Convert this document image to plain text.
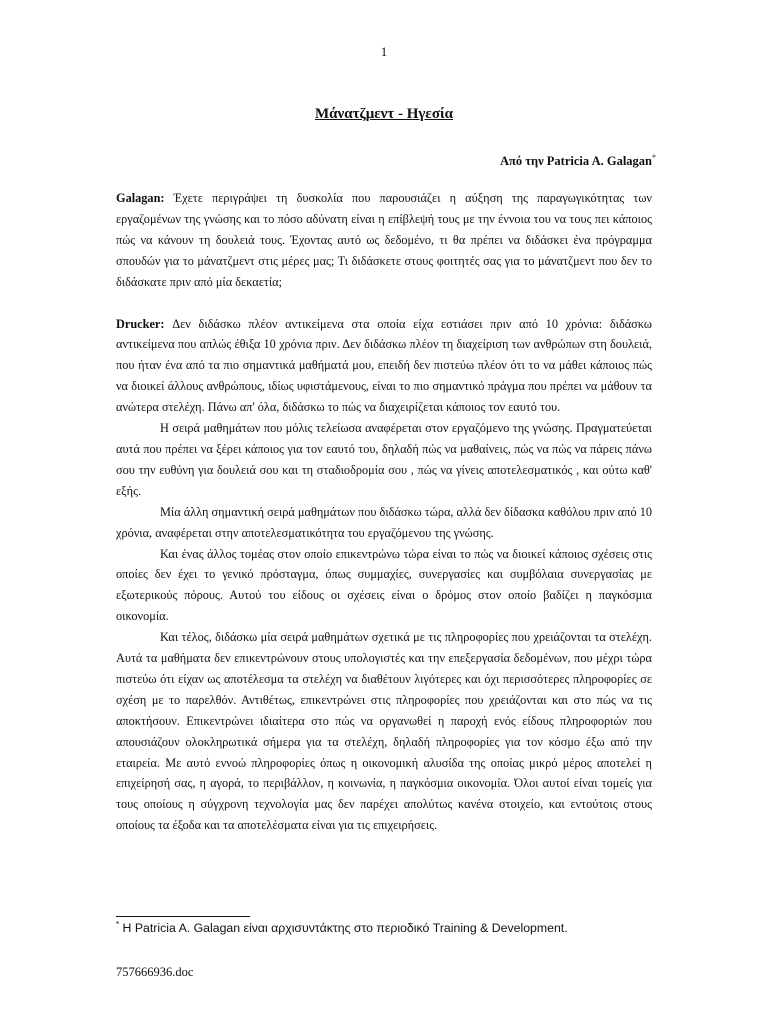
1
Μάνατζμεντ - Ηγεσία
Από την Patricia A. Galagan*

Galagan: Έχετε περιγράψει τη δυσκολία που παρουσιάζει η αύξηση της παραγωγικότητας των εργαζομένων της γνώσης και το πόσο αδύνατη είναι η επίβλεψή τους με την έννοια του να τους πει κάποιος πώς να κάνουν τη δουλειά τους. Έχοντας αυτό ως δεδομένο, τι θα πρέπει να διδάσκει ένα πρόγραμμα σπουδών για το μάνατζμεντ στις μέρες μας; Τι διδάσκετε στους φοιτητές σας για το μάνατζμεντ που δεν το διδάσκατε πριν από μία δεκαετία;

Drucker: Δεν διδάσκω πλέον αντικείμενα στα οποία είχα εστιάσει πριν από 10 χρόνια: διδάσκω αντικείμενα που απλώς έθιξα 10 χρόνια πριν. Δεν διδάσκω πλέον τη διαχείριση των ανθρώπων στη δουλειά, που ήταν ένα από τα πιο σημαντικά μαθήματά μου, επειδή δεν πιστεύω πλέον ότι το να μάθει κάποιος πώς να διοικεί άλλους ανθρώπους, ιδίως υφιστάμενους, είναι το πιο σημαντικό πράγμα που πρέπει να μάθουν τα ανώτερα στελέχη. Πάνω απ' όλα, διδάσκω το πώς να διαχειρίζεται κάποιος τον εαυτό του.

Η σειρά μαθημάτων που μόλις τελείωσα αναφέρεται στον εργαζόμενο της γνώσης. Πραγματεύεται αυτά που πρέπει να ξέρει κάποιος για τον εαυτό του, δηλαδή πώς να μαθαίνεις, πώς να πώς να πάρεις πάνω σου την ευθύνη για δουλειά σου και τη σταδιοδρομία σου , πώς να γίνεις αποτελεσματικός , και ούτω καθ' εξής.

Μία άλλη σημαντική σειρά μαθημάτων που διδάσκω τώρα, αλλά δεν δίδασκα καθόλου πριν από 10 χρόνια, αναφέρεται στην αποτελεσματικότητα του εργαζόμενου της γνώσης.

Και ένας άλλος τομέας στον οποίο επικεντρώνω τώρα είναι το πώς να διοικεί κάποιος σχέσεις στις οποίες δεν έχει το γενικό πρόσταγμα, όπως συμμαχίες, συνεργασίες και συμβόλαια συνεργασίας με εξωτερικούς πόρους. Αυτού του είδους οι σχέσεις είναι ο δρόμος στον οποίο βαδίζει η παγκόσμια οικονομία.

Και τέλος, διδάσκω μία σειρά μαθημάτων σχετικά με τις πληροφορίες που χρειάζονται τα στελέχη. Αυτά τα μαθήματα δεν επικεντρώνουν στους υπολογιστές και την επεξεργασία δεδομένων, που μέχρι τώρα πιστεύω ότι είχαν ως αποτέλεσμα τα στελέχη να διαθέτουν λιγότερες και όχι περισσότερες πληροφορίες σε σχέση με το παρελθόν. Αντιθέτως, επικεντρώνει στις πληροφορίες που χρειάζονται και στο πώς να τις αποκτήσουν. Επικεντρώνει ιδιαίτερα στο πώς να οργανωθεί η παροχή ενός είδους πληροφοριών που απουσιάζουν ολοκληρωτικά σήμερα για τα στελέχη, δηλαδή πληροφορίες για τον κόσμο έξω από την εταιρεία. Με αυτό εννοώ πληροφορίες όπως η οικονομική αλυσίδα της οποίας μικρό μέρος αποτελεί η επιχείρησή σας, η αγορά, το περιβάλλον, η κοινωνία, η παγκόσμια οικονομία. Όλοι αυτοί είναι τομείς για τους οποίους η σύγχρονη τεχνολογία μας δεν παρέχει απολύτως κανένα στοιχείο, και εντούτοις στους οποίους τα έξοδα και τα αποτελέσματα είναι για τις επιχειρήσεις.

* Η Patricia A. Galagan είναι αρχισυντάκτης στο περιοδικό Training & Development.
757666936.doc
